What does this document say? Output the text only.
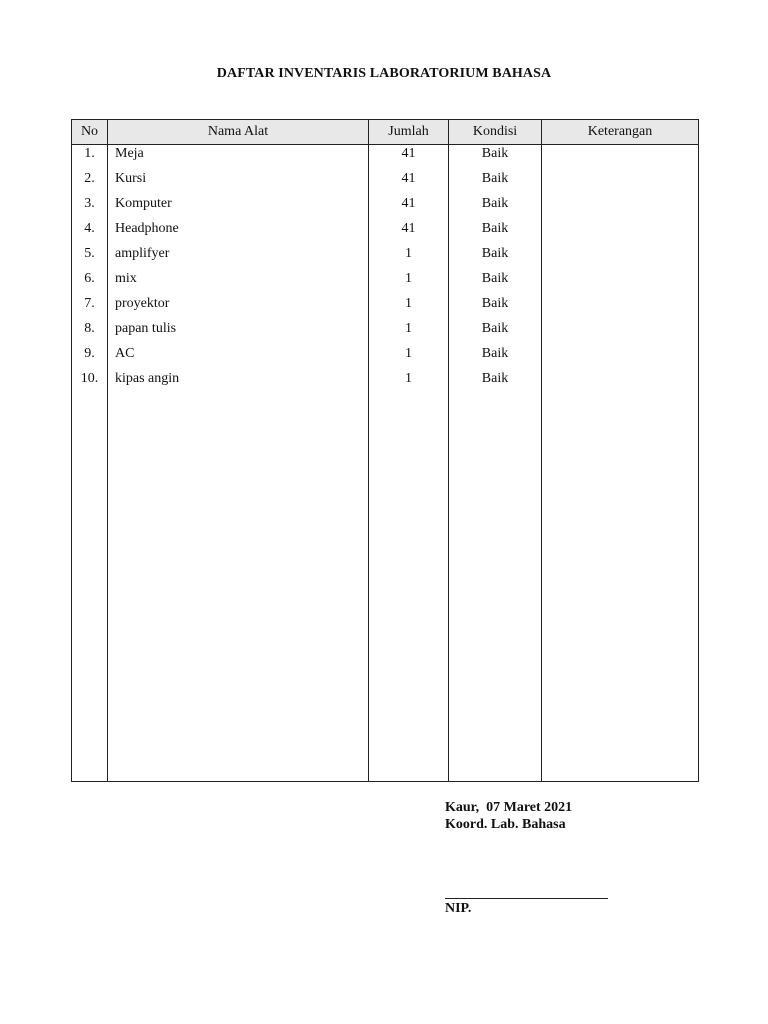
DAFTAR INVENTARIS LABORATORIUM BAHASA
No	Nama Alat	Jumlah	Kondisi	Keterangan
1.	Meja	41	Baik	
2.	Kursi	41	Baik	
3.	Komputer	41	Baik	
4.	Headphone	41	Baik	
5.	amplifyer	1	Baik	
6.	mix	1	Baik	
7.	proyektor	1	Baik	
8.	papan tulis	1	Baik	
9.	AC	1	Baik	
10.	kipas angin	1	Baik	

Kaur,  07 Maret 2021
Koord. Lab. Bahasa
NIP.
